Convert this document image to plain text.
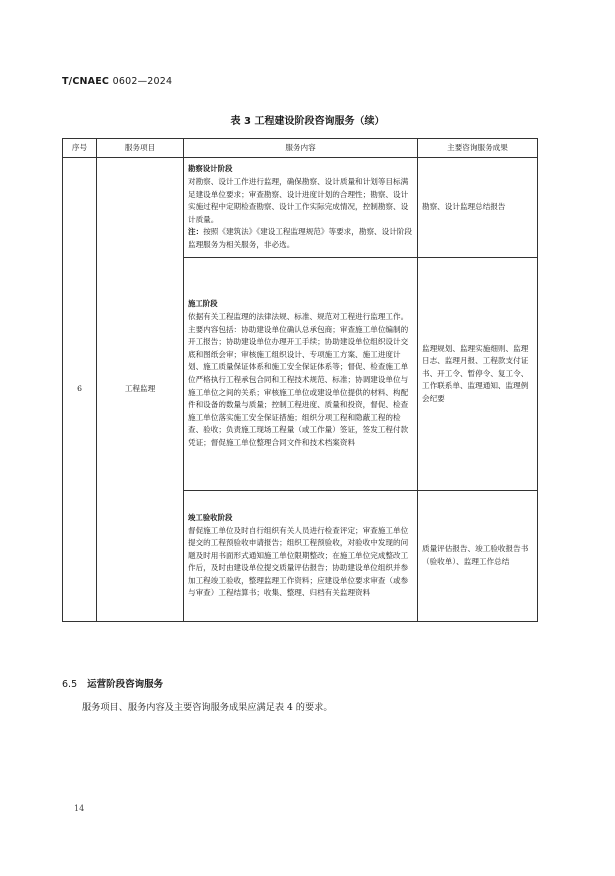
T/CNAEC 0602—2024
表 3 工程建设阶段咨询服务（续）
序号	服务项目	服务内容	主要咨询服务成果
6	工程监理	勘察设计阶段
对勘察、设计工作进行监理，确保勘察、设计质量和计划等目标满足建设单位要求；审查勘察、设计进度计划的合理性；勘察、设计实施过程中定期检查勘察、设计工作实际完成情况，控制勘察、设计质量。
注：按照《建筑法》《建设工程监理规范》等要求，勘察、设计阶段监理服务为相关服务，非必选。	勘察、设计监理总结报告

		施工阶段
依据有关工程监理的法律法规、标准、规范对工程进行监理工作。
主要内容包括：协助建设单位确认总承包商；审查施工单位编制的开工报告；协助建设单位办理开工手续；协助建设单位组织设计交底和图纸会审；审核施工组织设计、专项施工方案、施工进度计划、施工质量保证体系和施工安全保证体系等；督促、检查施工单位严格执行工程承包合同和工程技术规范、标准；协调建设单位与施工单位之间的关系；审核施工单位或建设单位提供的材料、构配件和设备的数量与质量；控制工程进度、质量和投资，督促、检查施工单位落实施工安全保证措施；组织分项工程和隐蔽工程的检查、验收；负责施工现场工程量（或工作量）签证，签发工程付款凭证；督促施工单位整理合同文件和技术档案资料	监理规划、监理实施细则、监理日志、监理月报、工程款支付证书、开工令、暂停令、复工令、工作联系单、监理通知、监理例会纪要

		竣工验收阶段
督促施工单位及时自行组织有关人员进行检查评定；审查施工单位提交的工程预验收申请报告；组织工程预验收，对验收中发现的问题及时用书面形式通知施工单位限期整改；在施工单位完成整改工作后，及时由建设单位提交质量评估报告；协助建设单位组织并参加工程竣工验收，整理监理工作资料；应建设单位要求审查（或参与审查）工程结算书；收集、整理、归档有关监理资料	质量评估报告、竣工验收报告书（验收单）、监理工作总结
6.5 运营阶段咨询服务
服务项目、服务内容及主要咨询服务成果应满足表 4 的要求。
14
